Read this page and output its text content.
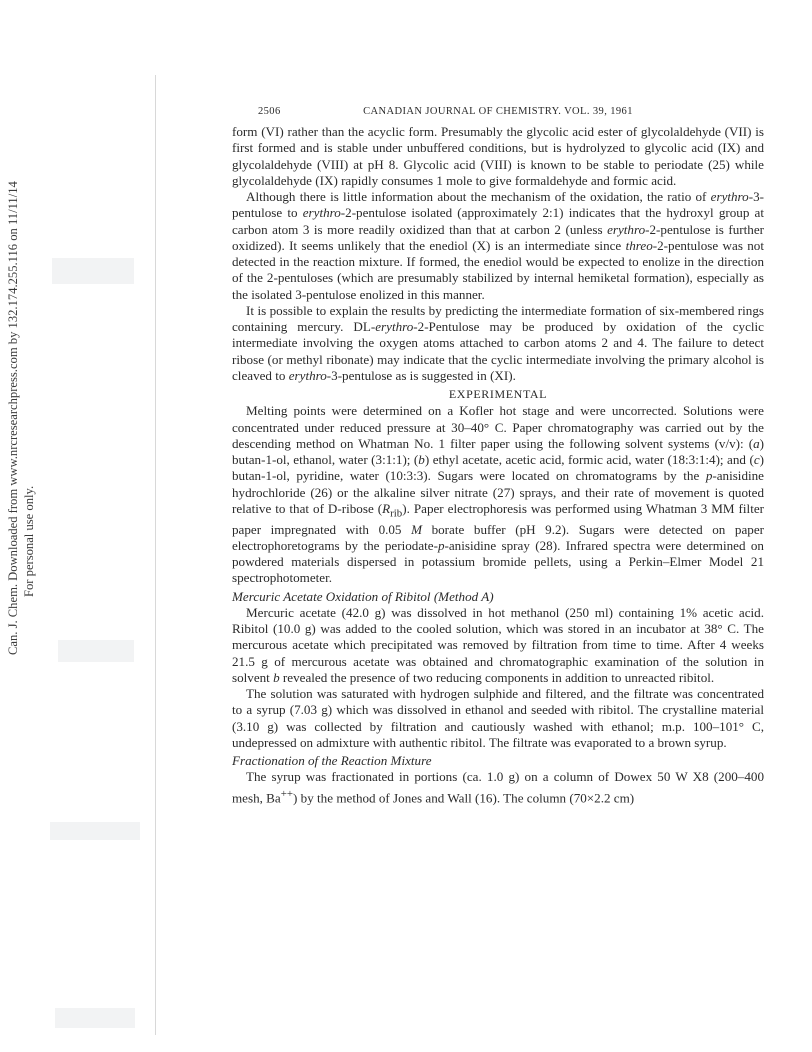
Can. J. Chem. Downloaded from www.nrcresearchpress.com by 132.174.255.116 on 11/11/14 For personal use only.
2506	CANADIAN JOURNAL OF CHEMISTRY. VOL. 39, 1961

form (VI) rather than the acyclic form. Presumably the glycolic acid ester of glycolaldehyde (VII) is first formed and is stable under unbuffered conditions, but is hydrolyzed to glycolic acid (IX) and glycolaldehyde (VIII) at pH 8. Glycolic acid (VIII) is known to be stable to periodate (25) while glycolaldehyde (IX) rapidly consumes 1 mole to give formaldehyde and formic acid.

Although there is little information about the mechanism of the oxidation, the ratio of erythro-3-pentulose to erythro-2-pentulose isolated (approximately 2:1) indicates that the hydroxyl group at carbon atom 3 is more readily oxidized than that at carbon 2 (unless erythro-2-pentulose is further oxidized). It seems unlikely that the enediol (X) is an intermediate since threo-2-pentulose was not detected in the reaction mixture. If formed, the enediol would be expected to enolize in the direction of the 2-pentuloses (which are presumably stabilized by internal hemiketal formation), especially as the isolated 3-pentulose enolized in this manner.

It is possible to explain the results by predicting the intermediate formation of six-membered rings containing mercury. DL-erythro-2-Pentulose may be produced by oxidation of the cyclic intermediate involving the oxygen atoms attached to carbon atoms 2 and 4. The failure to detect ribose (or methyl ribonate) may indicate that the cyclic intermediate involving the primary alcohol is cleaved to erythro-3-pentulose as is suggested in (XI).

EXPERIMENTAL

Melting points were determined on a Kofler hot stage and were uncorrected. Solutions were concentrated under reduced pressure at 30–40° C. Paper chromatography was carried out by the descending method on Whatman No. 1 filter paper using the following solvent systems (v/v): (a) butan-1-ol, ethanol, water (3:1:1); (b) ethyl acetate, acetic acid, formic acid, water (18:3:1:4); and (c) butan-1-ol, pyridine, water (10:3:3). Sugars were located on chromatograms by the p-anisidine hydrochloride (26) or the alkaline silver nitrate (27) sprays, and their rate of movement is quoted relative to that of D-ribose $(R_{rib})$. Paper electrophoresis was performed using Whatman 3 MM filter paper impregnated with 0.05 M borate buffer (pH 9.2). Sugars were detected on paper electrophoretograms by the periodate-p-anisidine spray (28). Infrared spectra were determined on powdered materials dispersed in potassium bromide pellets, using a Perkin–Elmer Model 21 spectrophotometer.

Mercuric Acetate Oxidation of Ribitol (Method A)

Mercuric acetate (42.0 g) was dissolved in hot methanol (250 ml) containing 1% acetic acid. Ribitol (10.0 g) was added to the cooled solution, which was stored in an incubator at 38° C. The mercurous acetate which precipitated was removed by filtration from time to time. After 4 weeks 21.5 g of mercurous acetate was obtained and chromatographic examination of the solution in solvent b revealed the presence of two reducing components in addition to unreacted ribitol.

The solution was saturated with hydrogen sulphide and filtered, and the filtrate was concentrated to a syrup (7.03 g) which was dissolved in ethanol and seeded with ribitol. The crystalline material (3.10 g) was collected by filtration and cautiously washed with ethanol; m.p. 100–101° C, undepressed on admixture with authentic ribitol. The filtrate was evaporated to a brown syrup.

Fractionation of the Reaction Mixture

The syrup was fractionated in portions (ca. 1.0 g) on a column of Dowex 50 W X8 (200–400 mesh, Ba++) by the method of Jones and Wall (16). The column (70×2.2 cm)
